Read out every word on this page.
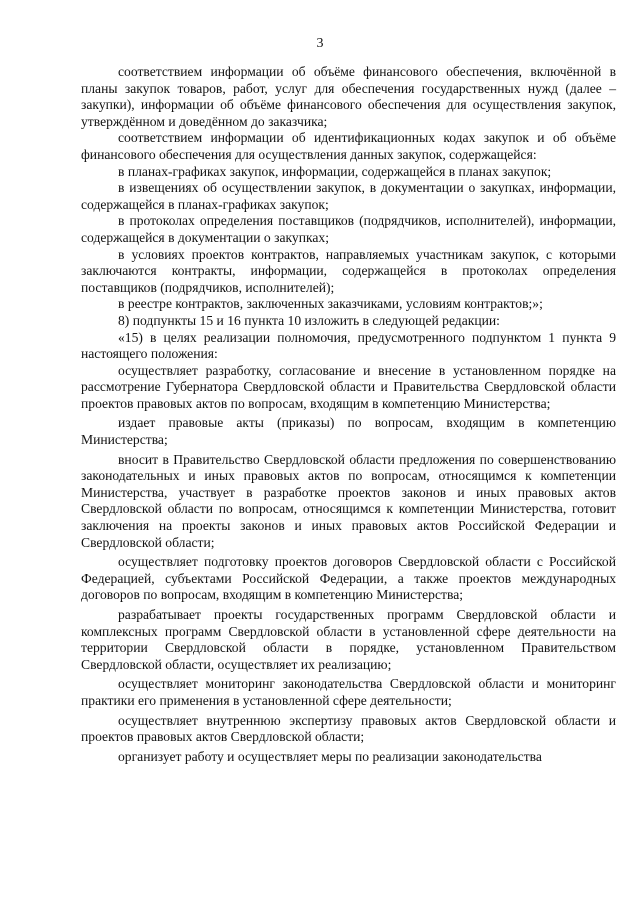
3

соответствием информации об объёме финансового обеспечения, включённой в планы закупок товаров, работ, услуг для обеспечения государственных нужд (далее – закупки), информации об объёме финансового обеспечения для осуществления закупок, утверждённом и доведённом до заказчика;

соответствием информации об идентификационных кодах закупок и об объёме финансового обеспечения для осуществления данных закупок, содержащейся:

в планах-графиках закупок, информации, содержащейся в планах закупок;

в извещениях об осуществлении закупок, в документации о закупках, информации, содержащейся в планах-графиках закупок;

в протоколах определения поставщиков (подрядчиков, исполнителей), информации, содержащейся в документации о закупках;

в условиях проектов контрактов, направляемых участникам закупок, с которыми заключаются контракты, информации, содержащейся в протоколах определения поставщиков (подрядчиков, исполнителей);

в реестре контрактов, заключенных заказчиками, условиям контрактов;»;

8) подпункты 15 и 16 пункта 10 изложить в следующей редакции:

«15) в целях реализации полномочия, предусмотренного подпунктом 1 пункта 9 настоящего положения:

осуществляет разработку, согласование и внесение в установленном порядке на рассмотрение Губернатора Свердловской области и Правительства Свердловской области проектов правовых актов по вопросам, входящим в компетенцию Министерства;

издает правовые акты (приказы) по вопросам, входящим в компетенцию Министерства;

вносит в Правительство Свердловской области предложения по совершенствованию законодательных и иных правовых актов по вопросам, относящимся к компетенции Министерства, участвует в разработке проектов законов и иных правовых актов Свердловской области по вопросам, относящимся к компетенции Министерства, готовит заключения на проекты законов и иных правовых актов Российской Федерации и Свердловской области;

осуществляет подготовку проектов договоров Свердловской области с Российской Федерацией, субъектами Российской Федерации, а также проектов международных договоров по вопросам, входящим в компетенцию Министерства;

разрабатывает проекты государственных программ Свердловской области и комплексных программ Свердловской области в установленной сфере деятельности на территории Свердловской области в порядке, установленном Правительством Свердловской области, осуществляет их реализацию;

осуществляет мониторинг законодательства Свердловской области и мониторинг практики его применения в установленной сфере деятельности;

осуществляет внутреннюю экспертизу правовых актов Свердловской области и проектов правовых актов Свердловской области;

организует работу и осуществляет меры по реализации законодательства
